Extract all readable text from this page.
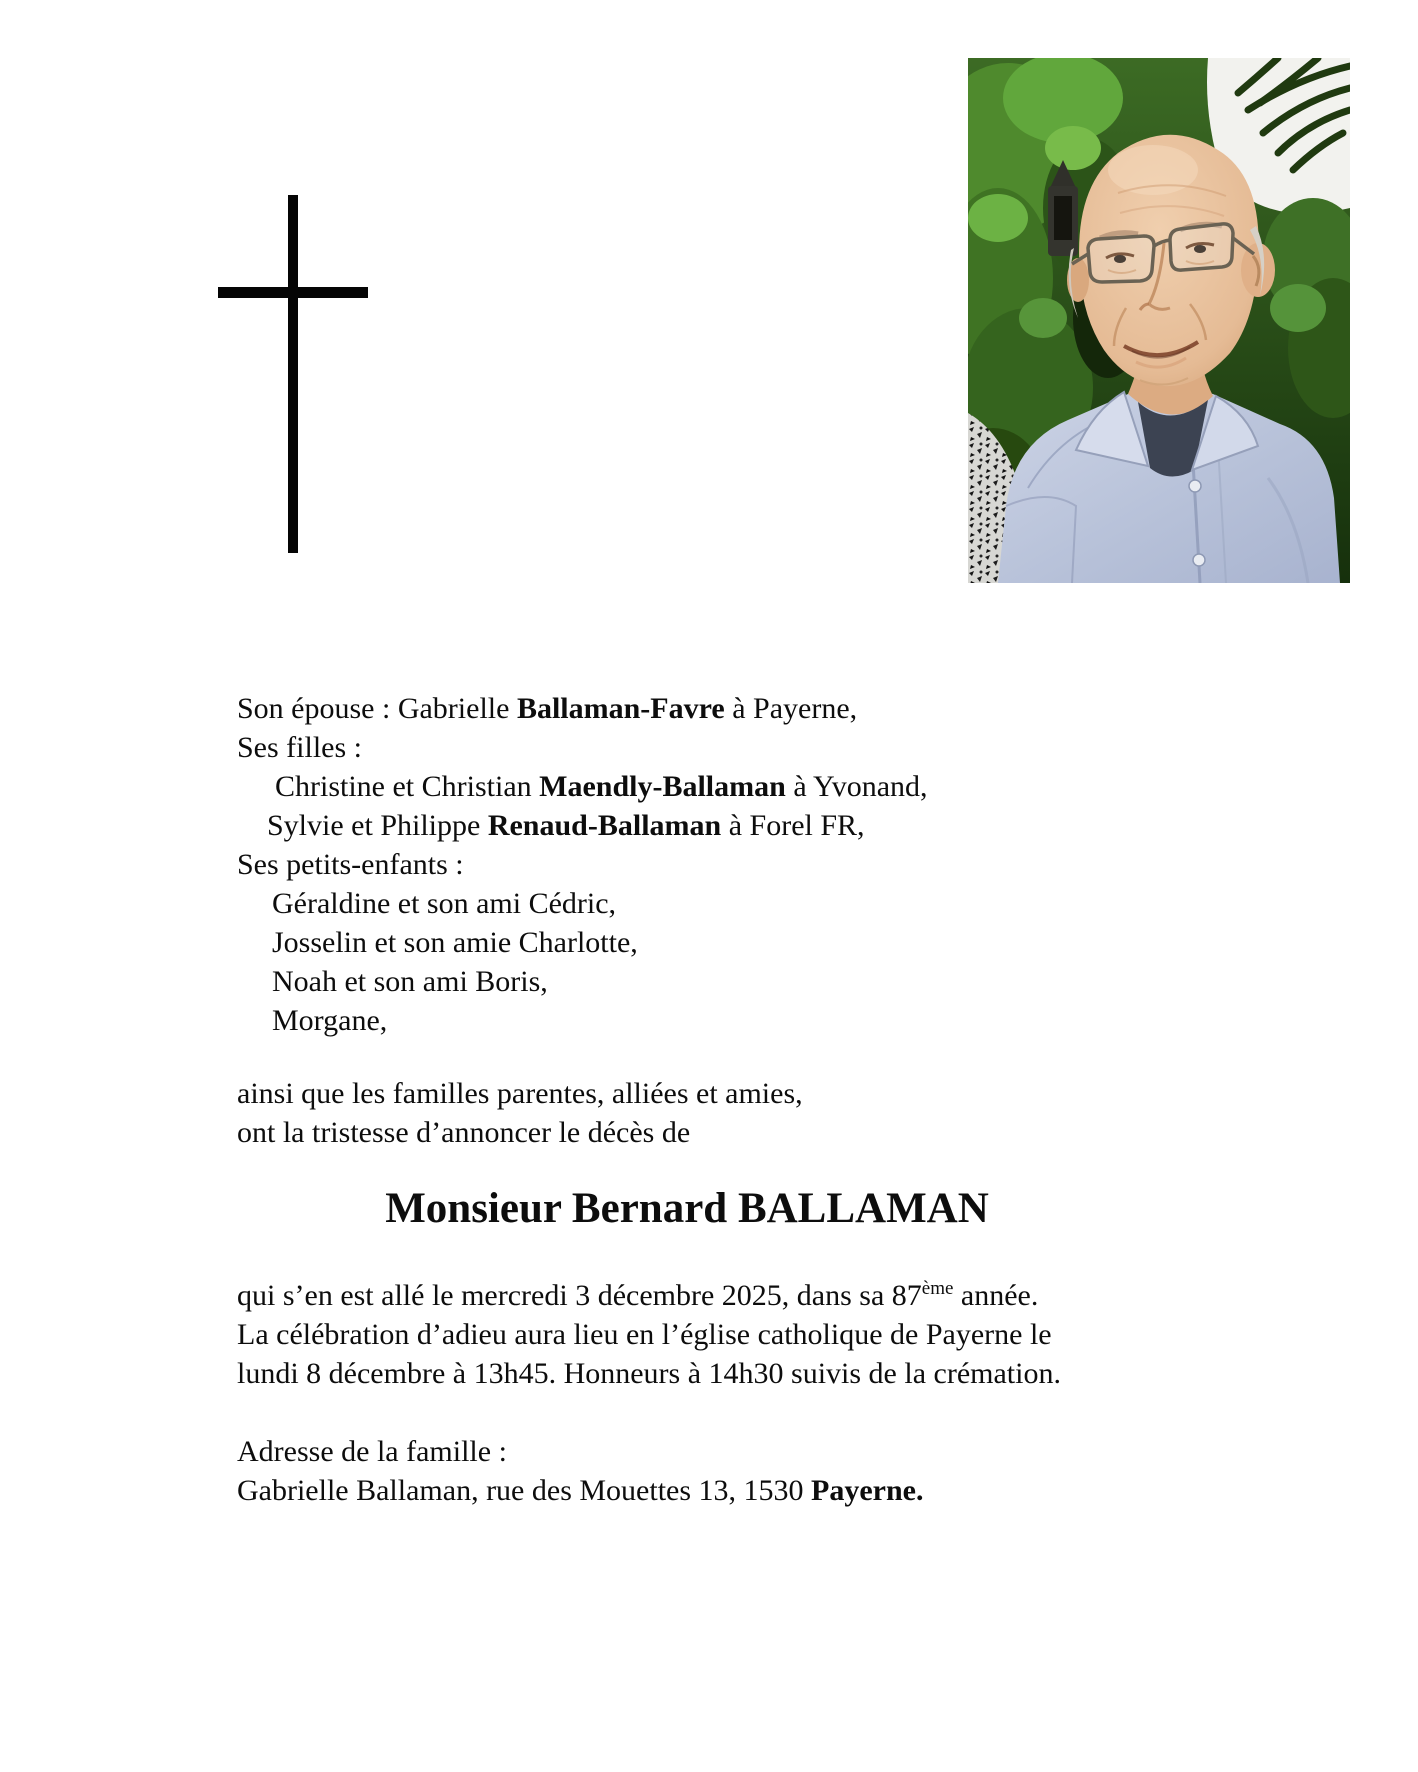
Son épouse : Gabrielle Ballaman-Favre à Payerne,
Ses filles :
Christine et Christian Maendly-Ballaman à Yvonand,
Sylvie et Philippe Renaud-Ballaman à Forel FR,
Ses petits-enfants :
Géraldine et son ami Cédric,
Josselin et son amie Charlotte,
Noah et son ami Boris,
Morgane,
ainsi que les familles parentes, alliées et amies,
ont la tristesse d’annoncer le décès de
Monsieur Bernard BALLAMAN
qui s’en est allé le mercredi 3 décembre 2025, dans sa 87ème année.
La célébration d’adieu aura lieu en l’église catholique de Payerne le
lundi 8 décembre à 13h45. Honneurs à 14h30 suivis de la crémation.
Adresse de la famille :
Gabrielle Ballaman, rue des Mouettes 13, 1530 Payerne.
